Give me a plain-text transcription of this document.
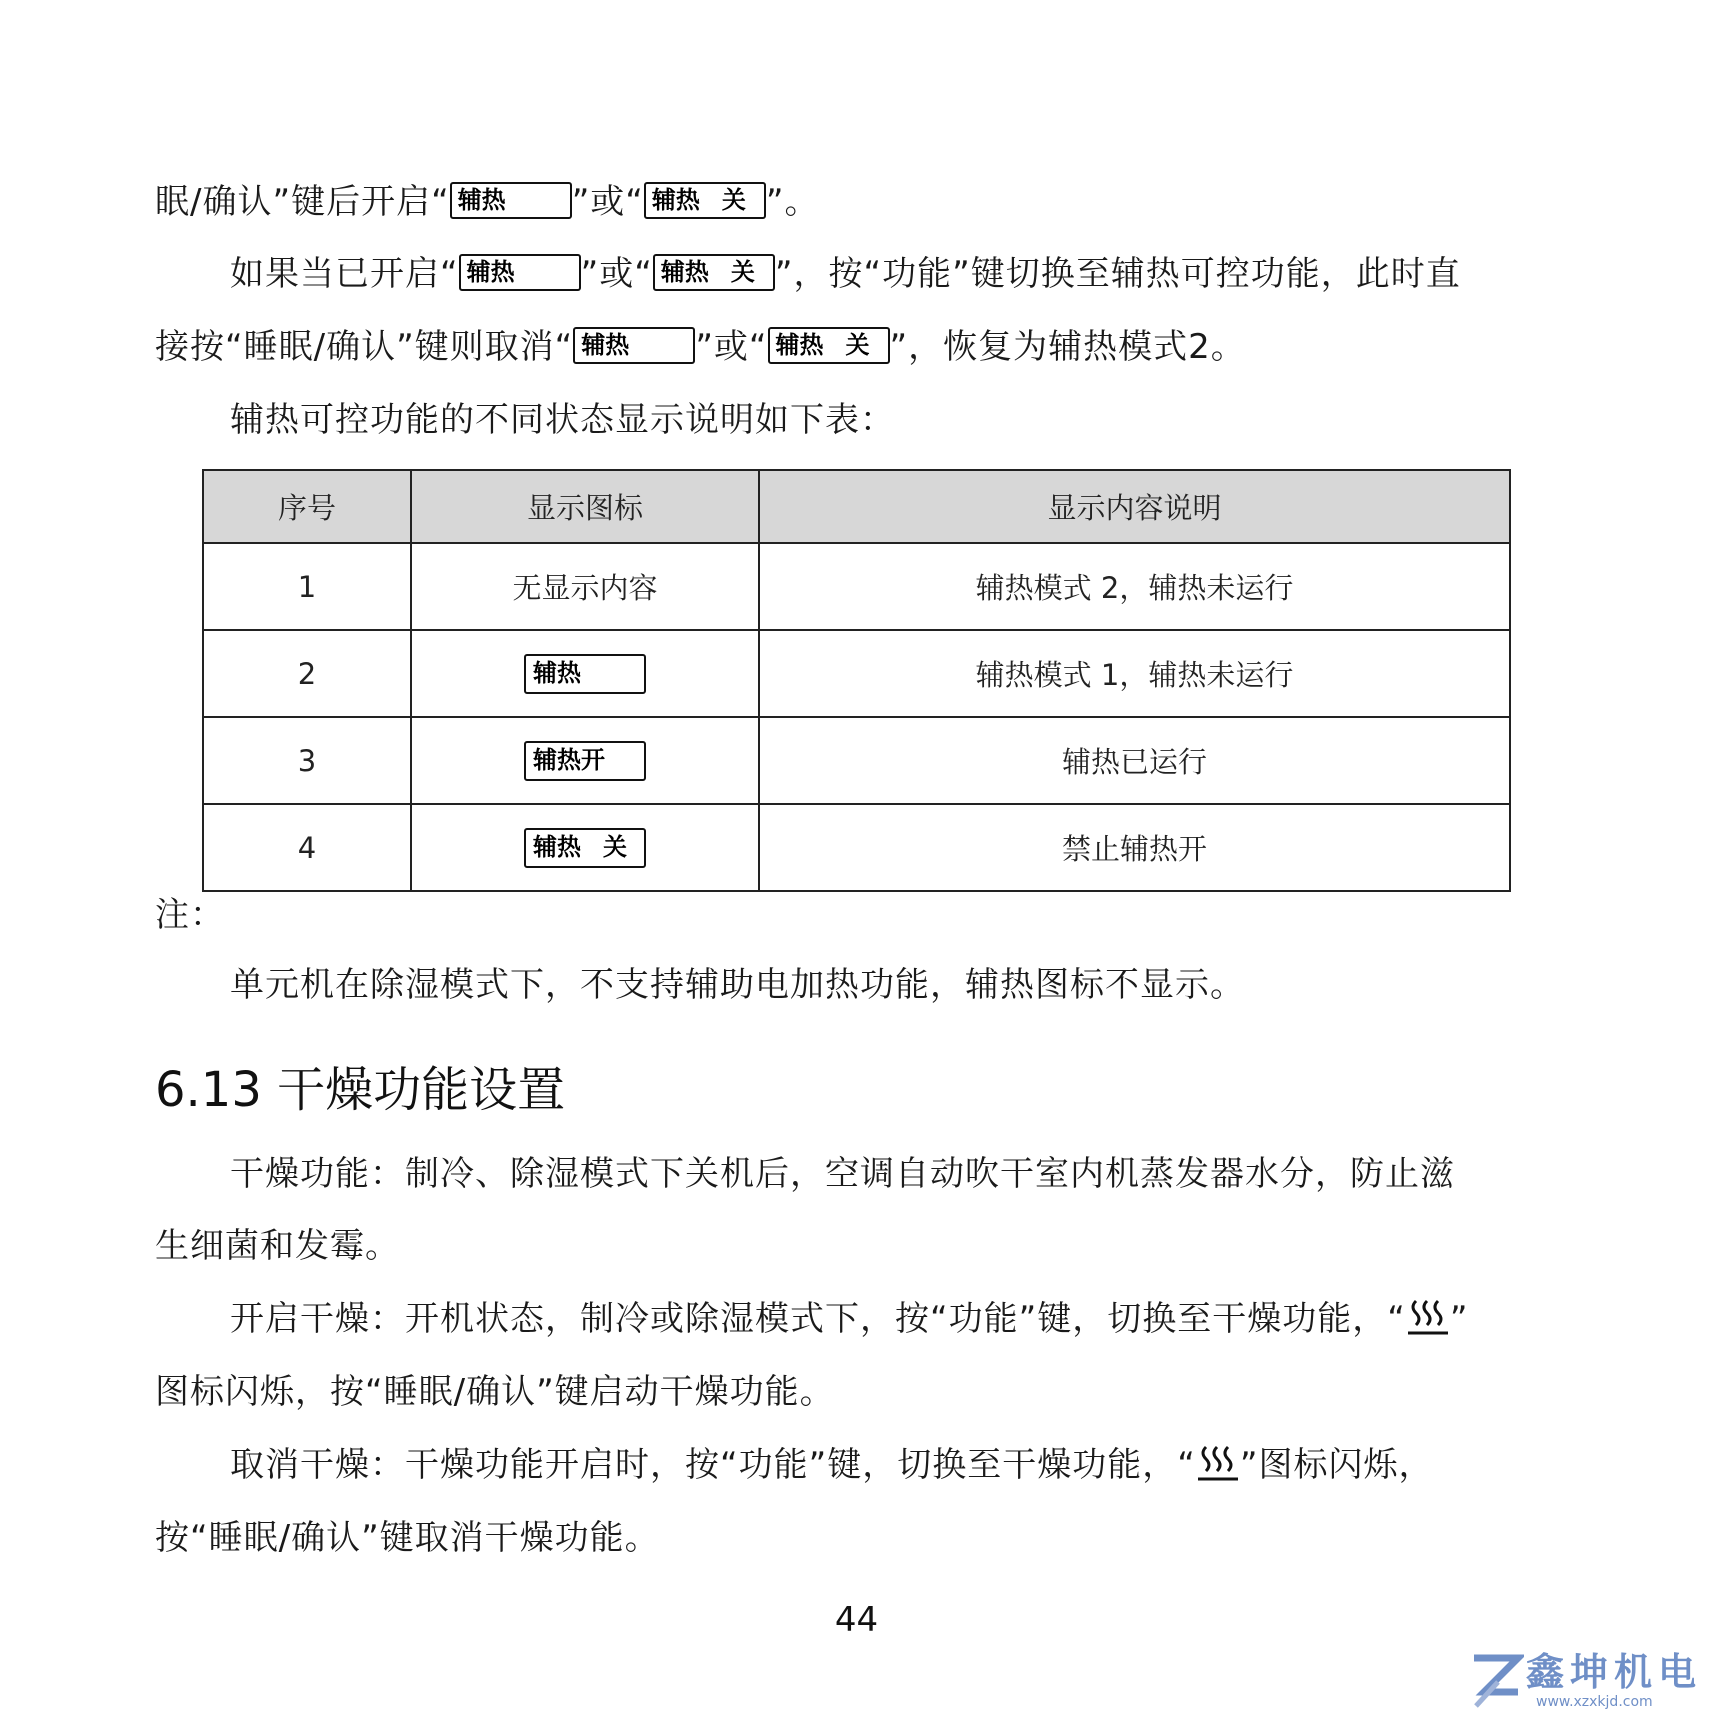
眠/确认”键后开启“ 辅热 ”或“ 辅热 关 ”。
如果当已开启“ 辅热 ”或“ 辅热 关 ”，按“功能”键切换至辅热可控功能，此时直
接按“睡眠/确认”键则取消“ 辅热 ”或“ 辅热 关 ”，恢复为辅热模式2。
辅热可控功能的不同状态显示说明如下表：
序号	显示图标	显示内容说明
1	无显示内容	辅热模式 2，辅热未运行
2	辅热	辅热模式 1，辅热未运行
3	辅热开	辅热已运行
4	辅热 关	禁止辅热开
注：
单元机在除湿模式下，不支持辅助电加热功能，辅热图标不显示。
6.13 干燥功能设置
干燥功能：制冷、除湿模式下关机后，空调自动吹干室内机蒸发器水分，防止滋
生细菌和发霉。
开启干燥：开机状态，制冷或除湿模式下，按“功能”键，切换至干燥功能，“ ”
图标闪烁，按“睡眠/确认”键启动干燥功能。
取消干燥：干燥功能开启时，按“功能”键，切换至干燥功能，“ ”图标闪烁，
按“睡眠/确认”键取消干燥功能。
44
鑫坤机电
www.xzxkjd.com
